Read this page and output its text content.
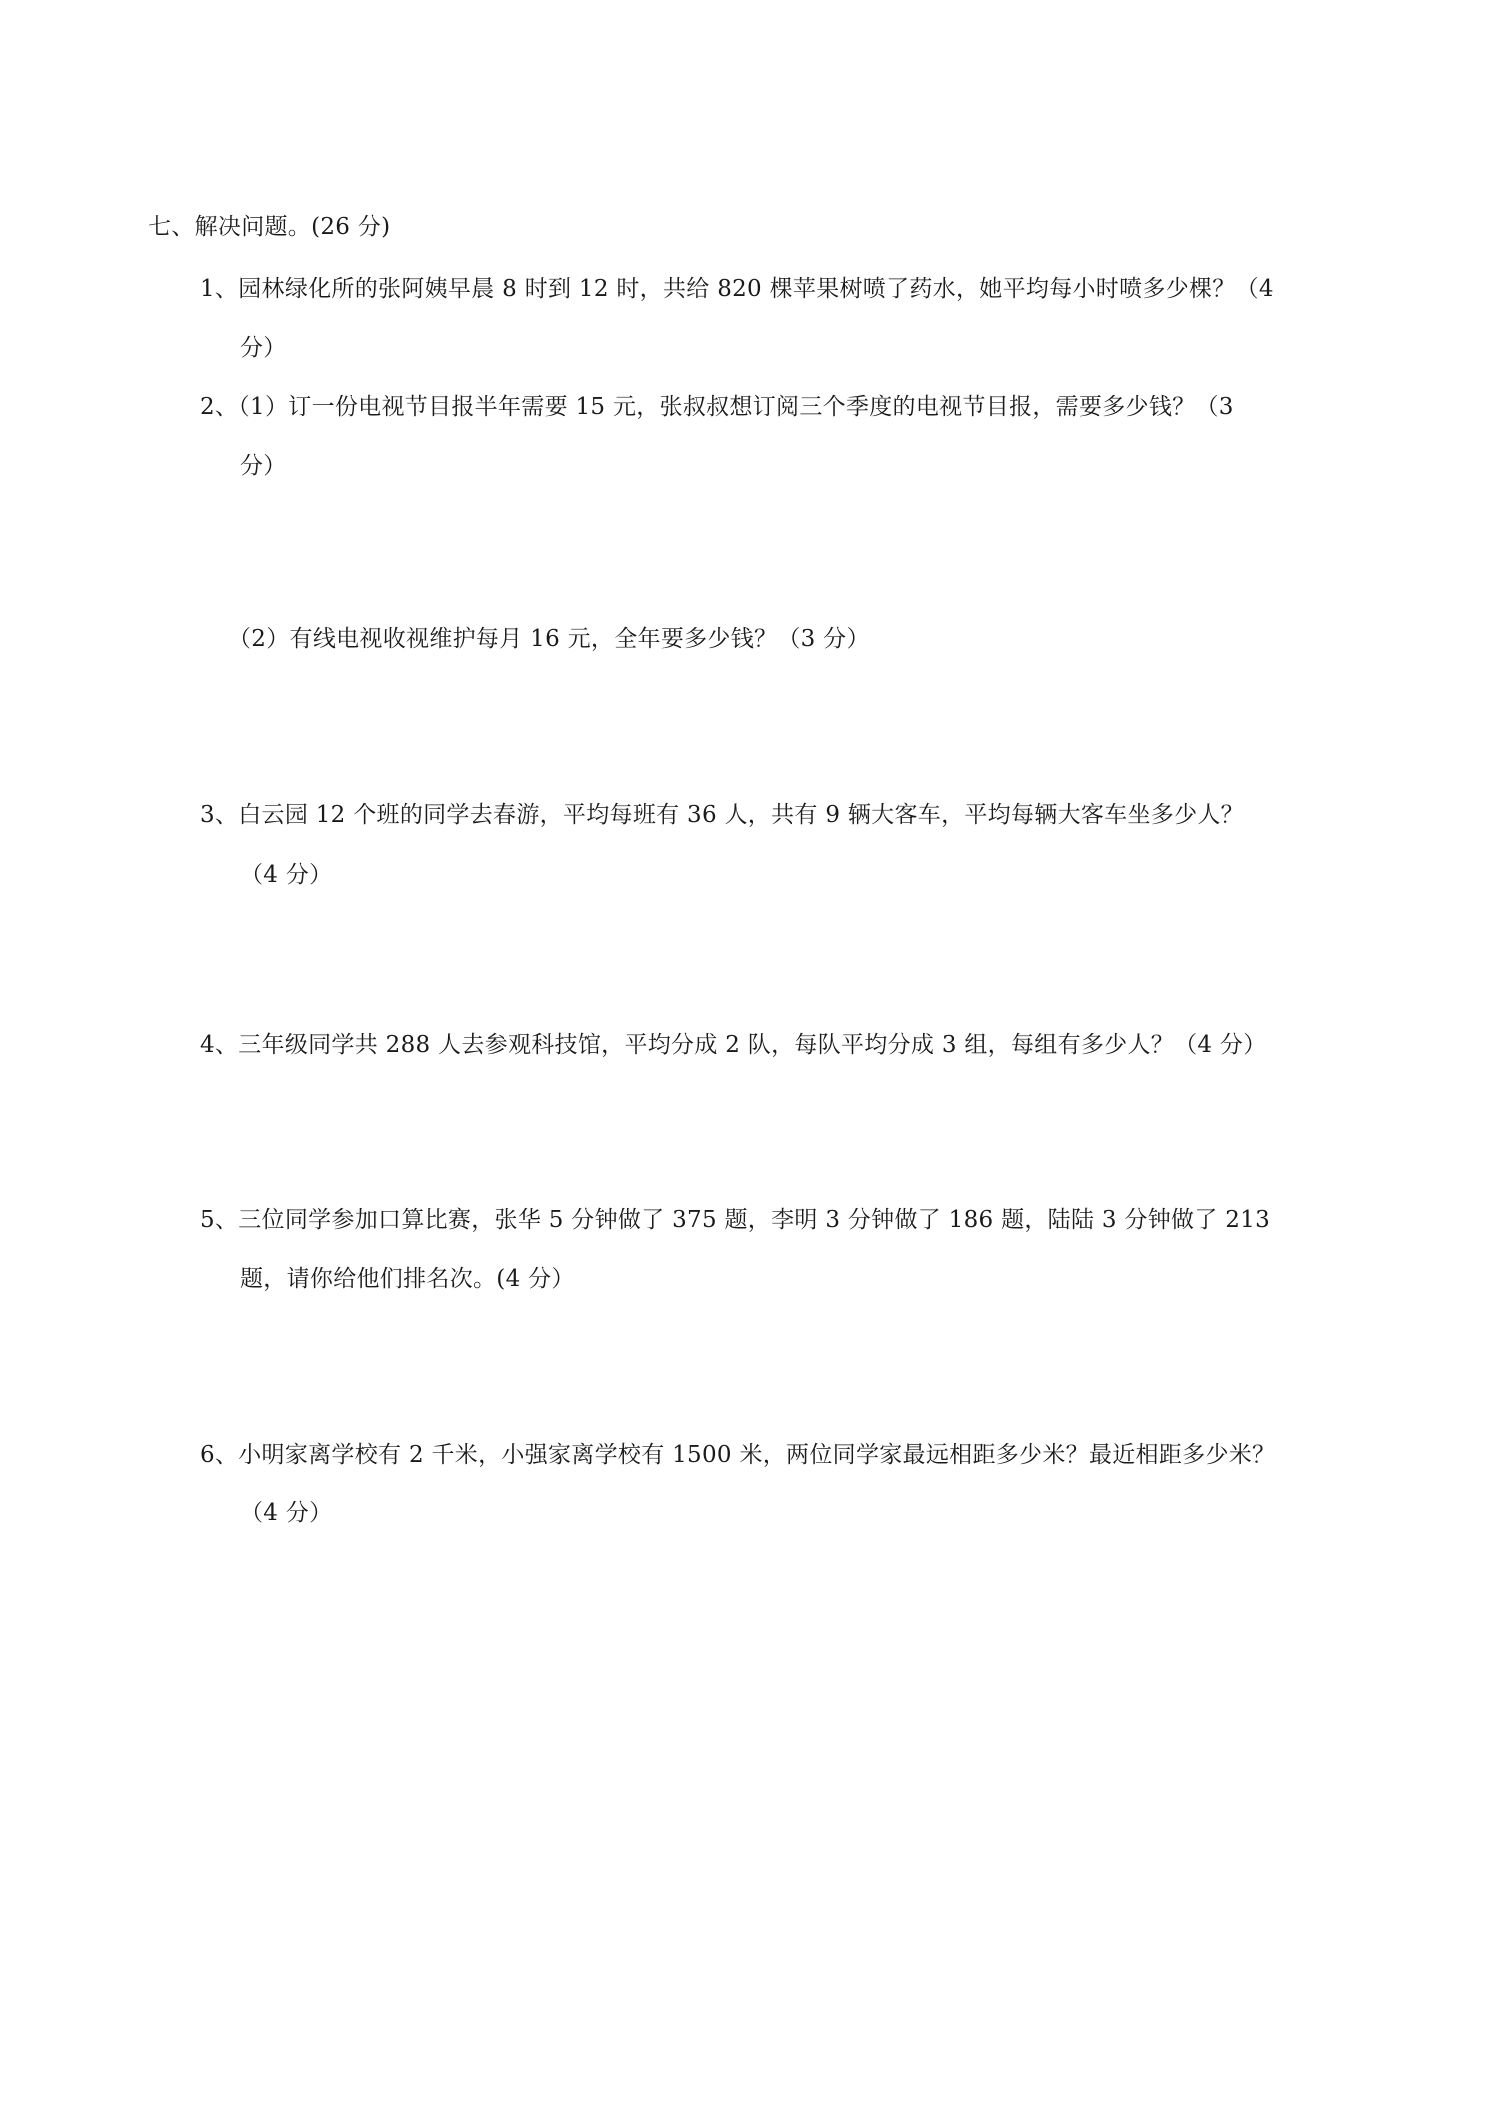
七、解决问题。(26 分)
1、园林绿化所的张阿姨早晨 8 时到 12 时，共给 820 棵苹果树喷了药水，她平均每小时喷多少棵？（4
分）
2、（1）订一份电视节目报半年需要 15 元，张叔叔想订阅三个季度的电视节目报，需要多少钱？（3
分）
（2）有线电视收视维护每月 16 元，全年要多少钱？（3 分）
3、白云园 12 个班的同学去春游，平均每班有 36 人，共有 9 辆大客车，平均每辆大客车坐多少人？
（4 分）
4、三年级同学共 288 人去参观科技馆，平均分成 2 队，每队平均分成 3 组，每组有多少人？（4 分）
5、三位同学参加口算比赛，张华 5 分钟做了 375 题，李明 3 分钟做了 186 题，陆陆 3 分钟做了 213
题，请你给他们排名次。(4 分）
6、小明家离学校有 2 千米，小强家离学校有 1500 米，两位同学家最远相距多少米？最近相距多少米？
（4 分）
